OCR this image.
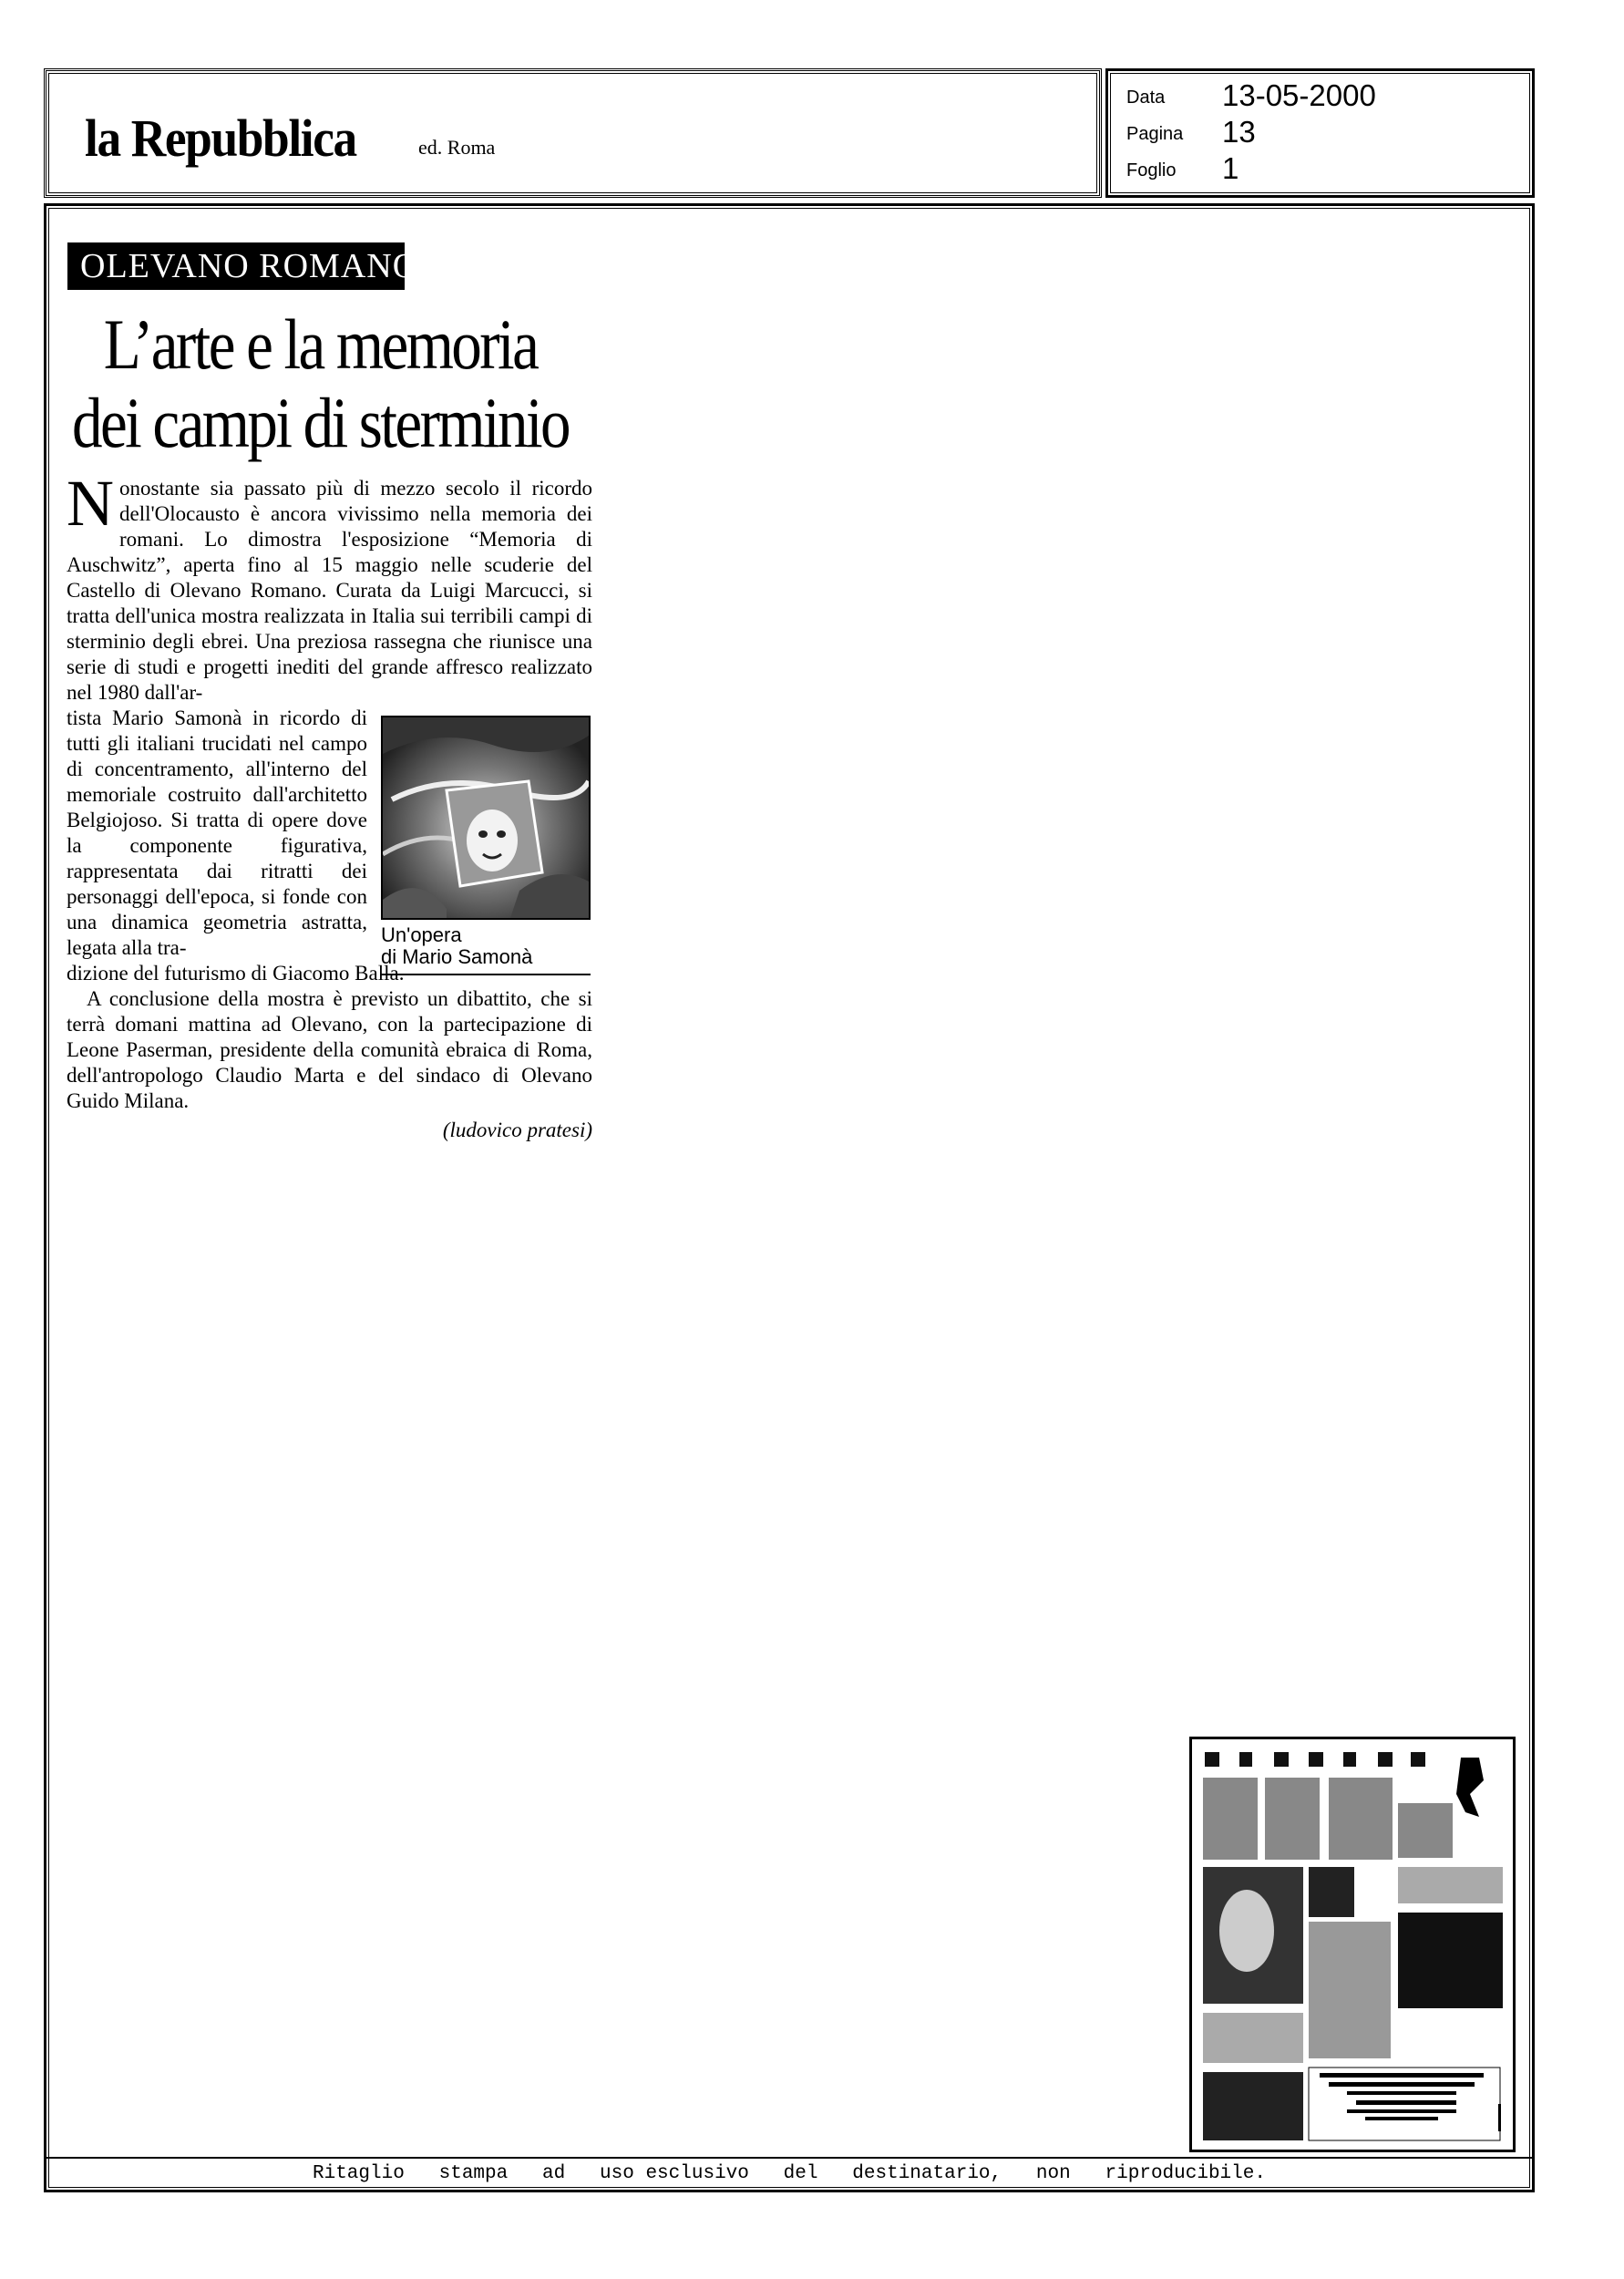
la Repubblica	ed. Roma
Data 13-05-2000
Pagina 13
Foglio 1
Ritaglio   stampa   ad   uso esclusivo   del   destinatario,   non   riproducibile.
OLEVANO ROMANO
L’arte e la memoria
dei campi di sterminio

Nonostante sia passato più di mezzo secolo il ricordo dell'Olocausto è ancora vivissimo nella memoria dei romani. Lo dimostra l'esposizione “Memoria di Auschwitz”, aperta fino al 15 maggio nelle scuderie del Castello di Olevano Romano. Curata da Luigi Marcucci, si tratta dell'unica mostra realizzata in Italia sui terribili campi di sterminio degli ebrei. Una preziosa rassegna che riunisce una serie di studi e progetti inediti del grande affresco realizzato nel 1980 dall'ar-

tista Mario Samonà in ricordo di tutti gli italiani trucidati nel campo di concentramento, all'interno del memoriale costruito dall'architetto Belgiojoso. Si tratta di opere dove la componente figurativa, rappresentata dai ritratti dei personaggi dell'epoca, si fonde con una dinamica geometria astratta, legata alla tra-

dizione del futurismo di Giacomo Balla.

A conclusione della mostra è previsto un dibattito, che si terrà domani mattina ad Olevano, con la partecipazione di Leone Paserman, presidente della comunità ebraica di Roma, dell'antropologo Claudio Marta e del sindaco di Olevano Guido Milana.

(ludovico pratesi)

Un'opera
di Mario Samonà
